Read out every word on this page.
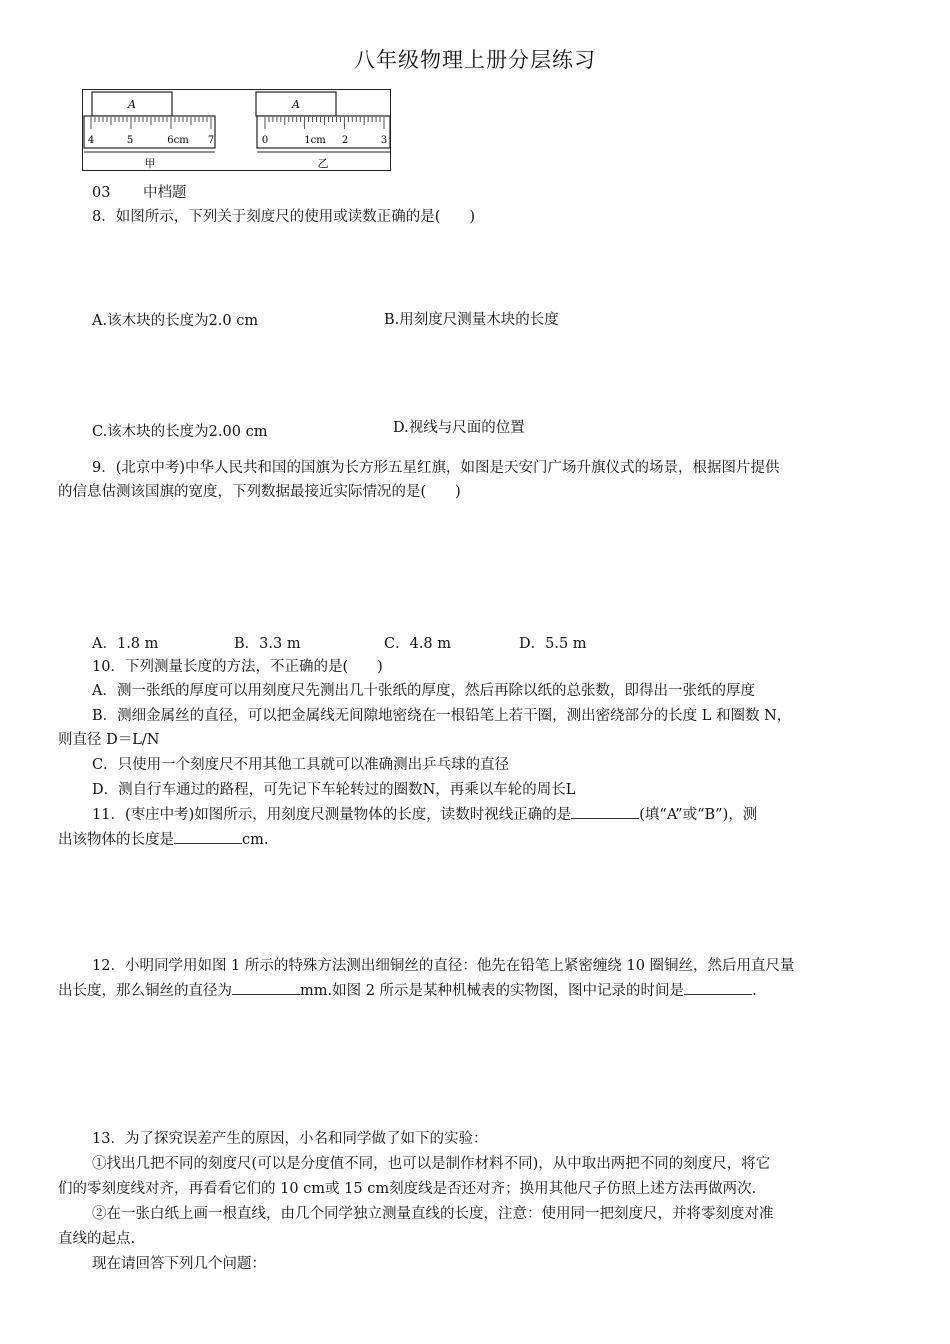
八年级物理上册分层练习
A
4	5	6cm 7
甲
A
0	1cm 2	3
乙
03 中档题
8．如图所示，下列关于刻度尺的使用或读数正确的是(　　)
A.该木块的长度为2.0 cm	B.用刻度尺测量木块的长度
C.该木块的长度为2.00 cm	D.视线与尺面的位置
9．(北京中考)中华人民共和国的国旗为长方形五星红旗，如图是天安门广场升旗仪式的场景，根据图片提供
的信息估测该国旗的宽度，下列数据最接近实际情况的是(　　)
A．1.8 m	B．3.3 m	C．4.8 m	D．5.5 m
10．下列测量长度的方法，不正确的是(　　)
A．测一张纸的厚度可以用刻度尺先测出几十张纸的厚度，然后再除以纸的总张数，即得出一张纸的厚度
B．测细金属丝的直径，可以把金属线无间隙地密绕在一根铅笔上若干圈，测出密绕部分的长度 L 和圈数 N，
则直径 D＝L/N
C．只使用一个刻度尺不用其他工具就可以准确测出乒乓球的直径
D．测自行车通过的路程，可先记下车轮转过的圈数N，再乘以车轮的周长L
11．(枣庄中考)如图所示，用刻度尺测量物体的长度，读数时视线正确的是	(填“A”或“B”)，测
出该物体的长度是	cm.
12．小明同学用如图 1 所示的特殊方法测出细铜丝的直径：他先在铅笔上紧密缠绕 10 圈铜丝，然后用直尺量
出长度，那么铜丝的直径为	mm.如图 2 所示是某种机械表的实物图，图中记录的时间是	.
13．为了探究误差产生的原因，小名和同学做了如下的实验：
①找出几把不同的刻度尺(可以是分度值不同，也可以是制作材料不同)，从中取出两把不同的刻度尺，将它
们的零刻度线对齐，再看看它们的 10 cm或 15 cm刻度线是否还对齐；换用其他尺子仿照上述方法再做两次.
②在一张白纸上画一根直线，由几个同学独立测量直线的长度，注意：使用同一把刻度尺，并将零刻度对准
直线的起点.
现在请回答下列几个问题：
